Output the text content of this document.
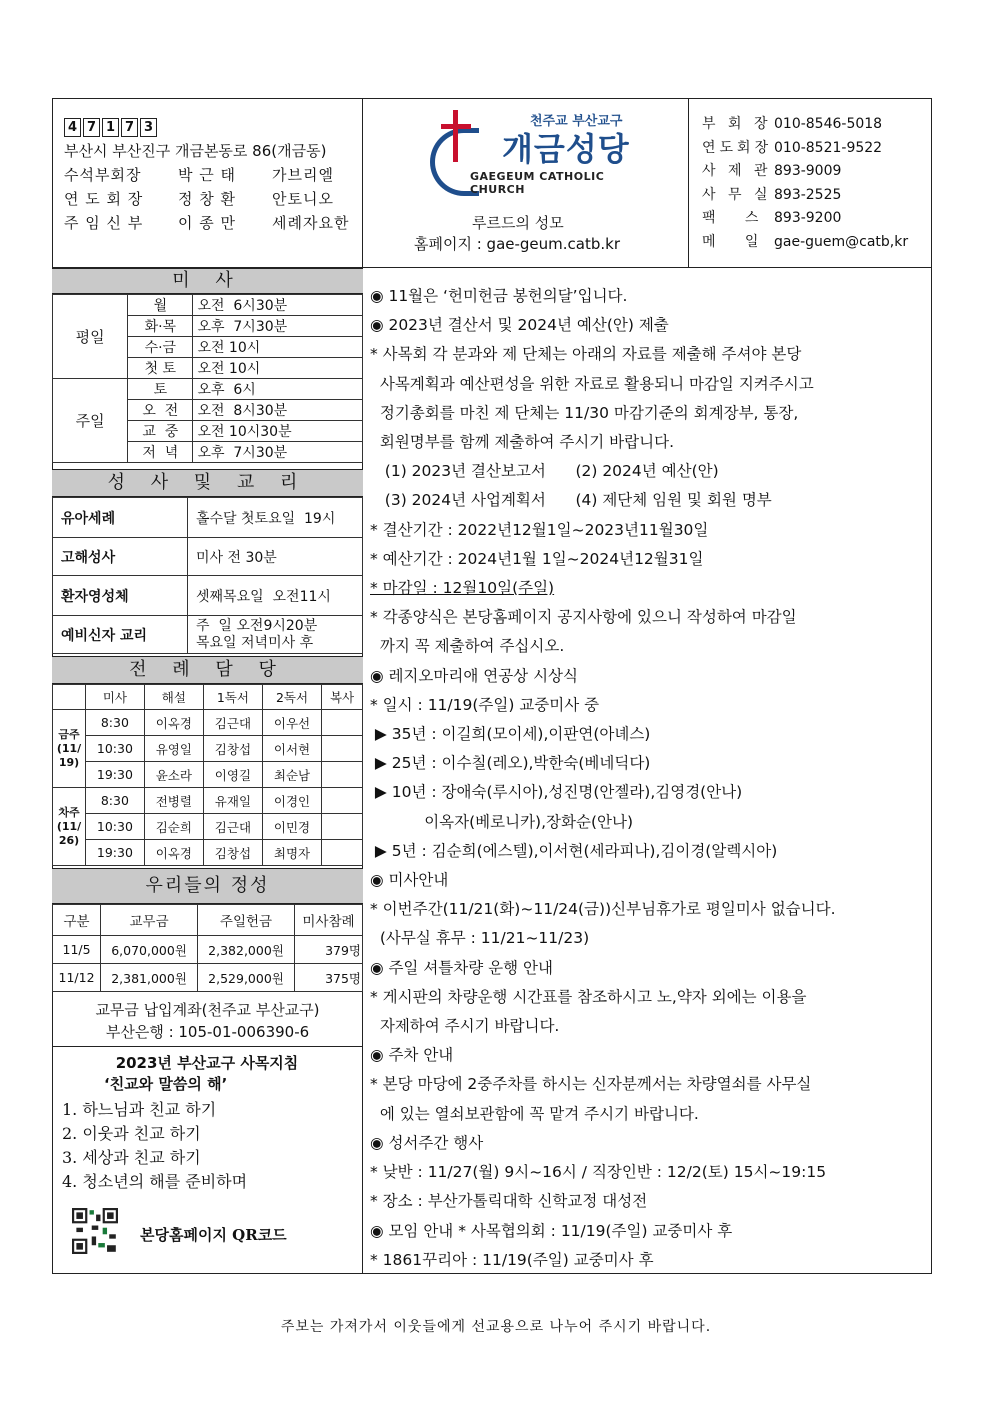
4 7 1 7 3
부산시 부산진구 개금본동로 86(개금동)
수석부회장	박 근 태	가브리엘
연 도 회 장	정 창 환	안토니오
주 임 신 부	이 종 만	세례자요한
천주교 부산교구
개금성당
GAEGEUM CATHOLIC CHURCH
루르드의 성모
홈페이지 : gae-geum.catb.kr
부 회 장 010-8546-5018
연도회장 010-8521-9522
사 제 관 893-9009
사 무 실 893-2525
팩   스 893-9200
메   일 gae-guem@catb,kr
미 사
평일	월	오전  6시30분
	화·목	오후  7시30분
	수·금	오전 10시
	첫 토	오전 10시
주일	토	오후  6시
	오  전	오전  8시30분
	교  중	오전 10시30분
	저  녁	오후  7시30분
성 사 및 교 리
유아세례	홀수달 첫토요일  19시

고해성사	미사 전 30분

환자영성체	셋째목요일  오전11시

예비신자 교리	주  일 오전9시20분
목요일 저녁미사 후
전 례 담 당
	미사	해설	1독서	2독서	복사
금주(11/19)	8:30	이옥경	김근대	이우선	
	10:30	유영일	김창섭	이서현	
	19:30	윤소라	이영길	최순남	
차주(11/26)	8:30	전병렬	유재일	이경인	
	10:30	김순희	김근대	이민경	
	19:30	이옥경	김창섭	최명자	
우리들의 정성
구분	교무금	주일헌금	미사참례
11/5	6,070,000원	2,382,000원	379명
11/12	2,381,000원	2,529,000원	375명
교무금 납입계좌(천주교 부산교구)
부산은행 : 105-01-006390-6
2023년 부산교구 사목지침
‘친교와 말씀의 해’
1. 하느님과 친교 하기
2. 이웃과 친교 하기
3. 세상과 친교 하기
4. 청소년의 해를 준비하며
본당홈페이지 QR코드
◉ 11월은 ‘헌미헌금 봉헌의달’입니다.
◉ 2023년 결산서 및 2024년 예산(안) 제출
* 사목회 각 분과와 제 단체는 아래의 자료를 제출해 주셔야 본당
사목계획과 예산편성을 위한 자료로 활용되니 마감일 지켜주시고
정기총회를 마친 제 단체는 11/30 마감기준의 회계장부, 통장,
회원명부를 함께 제출하여 주시기 바랍니다.
(1) 2023년 결산보고서      (2) 2024년 예산(안)
(3) 2024년 사업계획서      (4) 제단체 임원 및 회원 명부
* 결산기간 : 2022년12월1일~2023년11월30일
* 예산기간 : 2024년1월 1일~2024년12월31일
* 마감일 : 12월10일(주일)
* 각종양식은 본당홈페이지 공지사항에 있으니 작성하여 마감일
까지 꼭 제출하여 주십시오.
◉ 레지오마리애 연공상 시상식
* 일시 : 11/19(주일) 교중미사 중
▶ 35년 : 이길희(모이세),이판연(아녜스)
▶ 25년 : 이수칠(레오),박한숙(베네딕다)
▶ 10년 : 장애숙(루시아),성진명(안젤라),김영경(안나)
이옥자(베로니카),장화순(안나)
▶ 5년 : 김순희(에스텔),이서현(세라피나),김이경(알렉시아)
◉ 미사안내
* 이번주간(11/21(화)~11/24(금))신부님휴가로 평일미사 없습니다.
(사무실 휴무 : 11/21~11/23)
◉ 주일 셔틀차량 운행 안내
* 게시판의 차량운행 시간표를 참조하시고 노,약자 외에는 이용을
자제하여 주시기 바랍니다.
◉ 주차 안내
* 본당 마당에 2중주차를 하시는 신자분께서는 차량열쇠를 사무실
에 있는 열쇠보관함에 꼭 맡겨 주시기 바랍니다.
◉ 성서주간 행사
* 낮반 : 11/27(월) 9시~16시 / 직장인반 : 12/2(토) 15시~19:15
* 장소 : 부산가톨릭대학 신학교정 대성전
◉ 모임 안내 * 사목협의회 : 11/19(주일) 교중미사 후
* 1861꾸리아 : 11/19(주일) 교중미사 후
주보는 가져가서 이웃들에게 선교용으로 나누어 주시기 바랍니다.
